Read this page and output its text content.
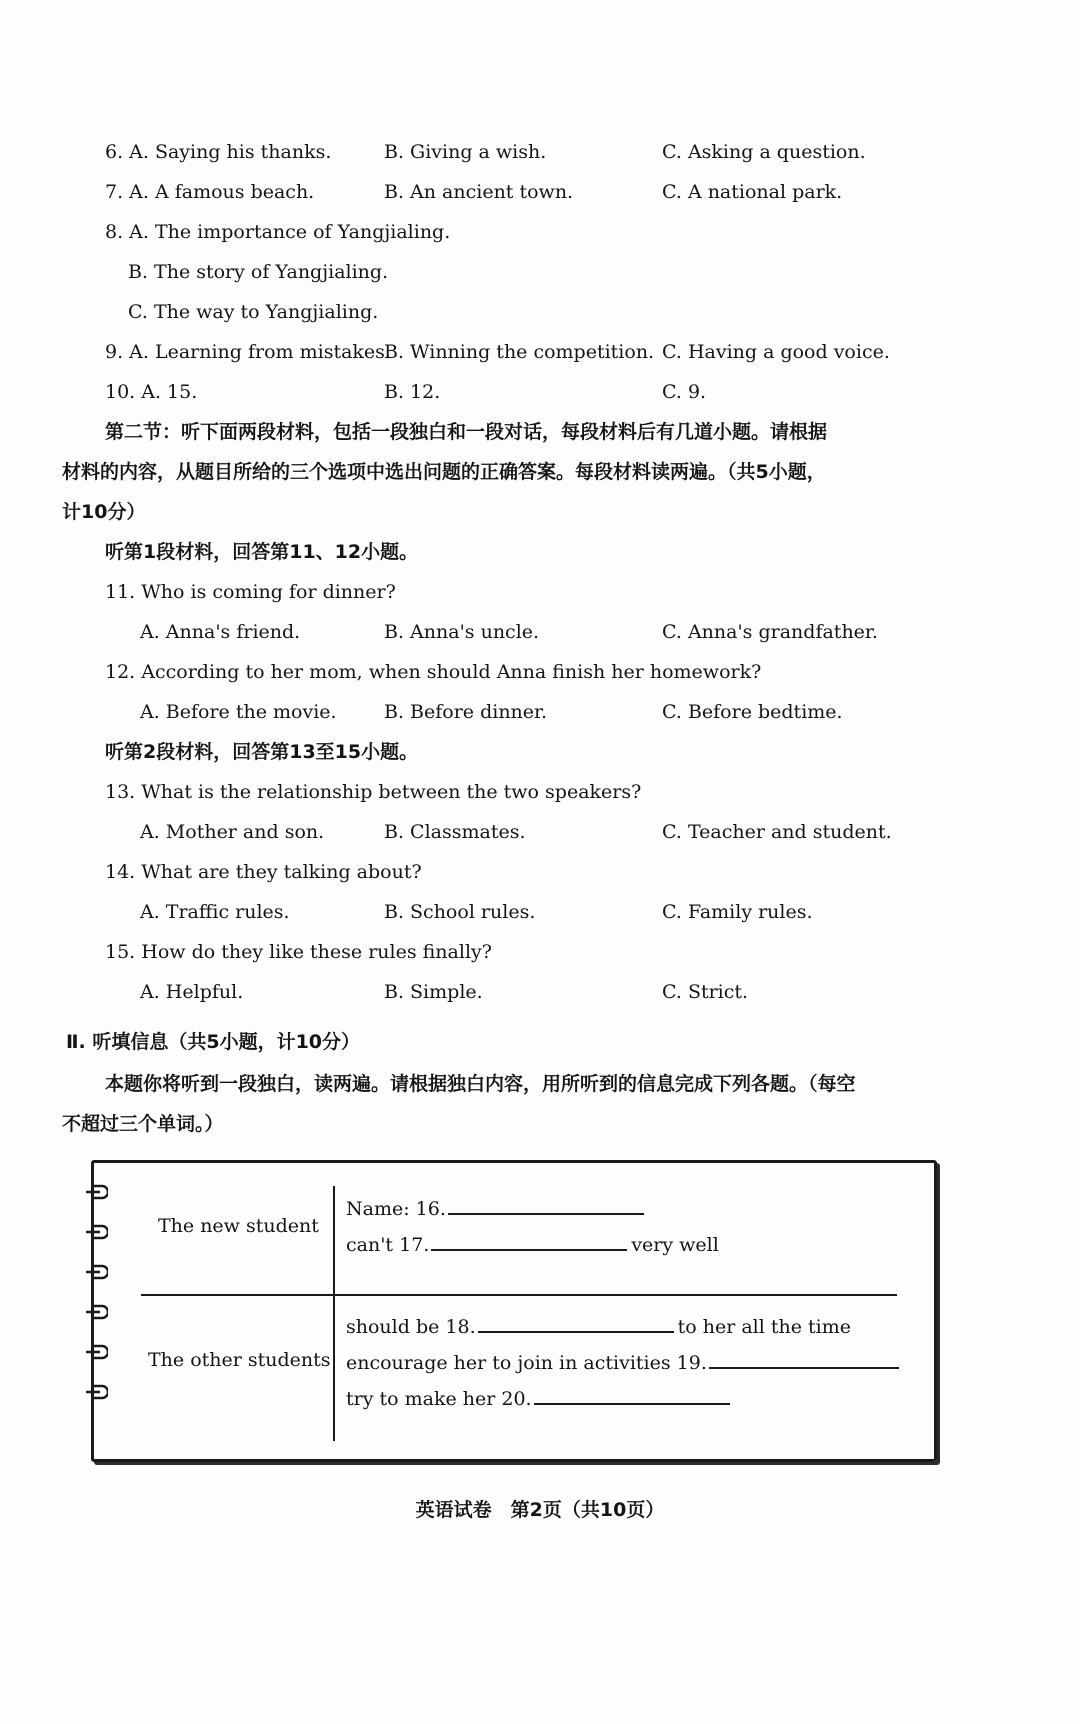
6. A. Saying his thanks.	B. Giving a wish.	C. Asking a question.
7. A. A famous beach.	B. An ancient town.	C. A national park.
8. A. The importance of Yangjialing.
B. The story of Yangjialing.
C. The way to Yangjialing.
9. A. Learning from mistakes.
B. Winning the competition. C. Having a good voice.
10. A. 15.	B. 12.	C. 9.
第二节：听下面两段材料，包括一段独白和一段对话，每段材料后有几道小题。请根据
材料的内容，从题目所给的三个选项中选出问题的正确答案。每段材料读两遍。（共5小题，
计10分）
听第1段材料，回答第11、12小题。
11. Who is coming for dinner?
A. Anna's friend.	B. Anna's uncle.	C. Anna's grandfather.
12. According to her mom, when should Anna finish her homework?
A. Before the movie. B. Before dinner.	C. Before bedtime.
听第2段材料，回答第13至15小题。
13. What is the relationship between the two speakers?
A. Mother and son.	B. Classmates.	C. Teacher and student.
14. What are they talking about?
A. Traffic rules.	B. School rules.	C. Family rules.
15. How do they like these rules finally?
A. Helpful.	B. Simple.	C. Strict.
Ⅱ. 听填信息（共5小题，计10分）
本题你将听到一段独白，读两遍。请根据独白内容，用所听到的信息完成下列各题。（每空
不超过三个单词。）
The new student
Name: 16.
can't 17.	very well
The other students
should be 18.	to her all the time
encourage her to join in activities 19.
try to make her 20.
英语试卷　第2页（共10页）
